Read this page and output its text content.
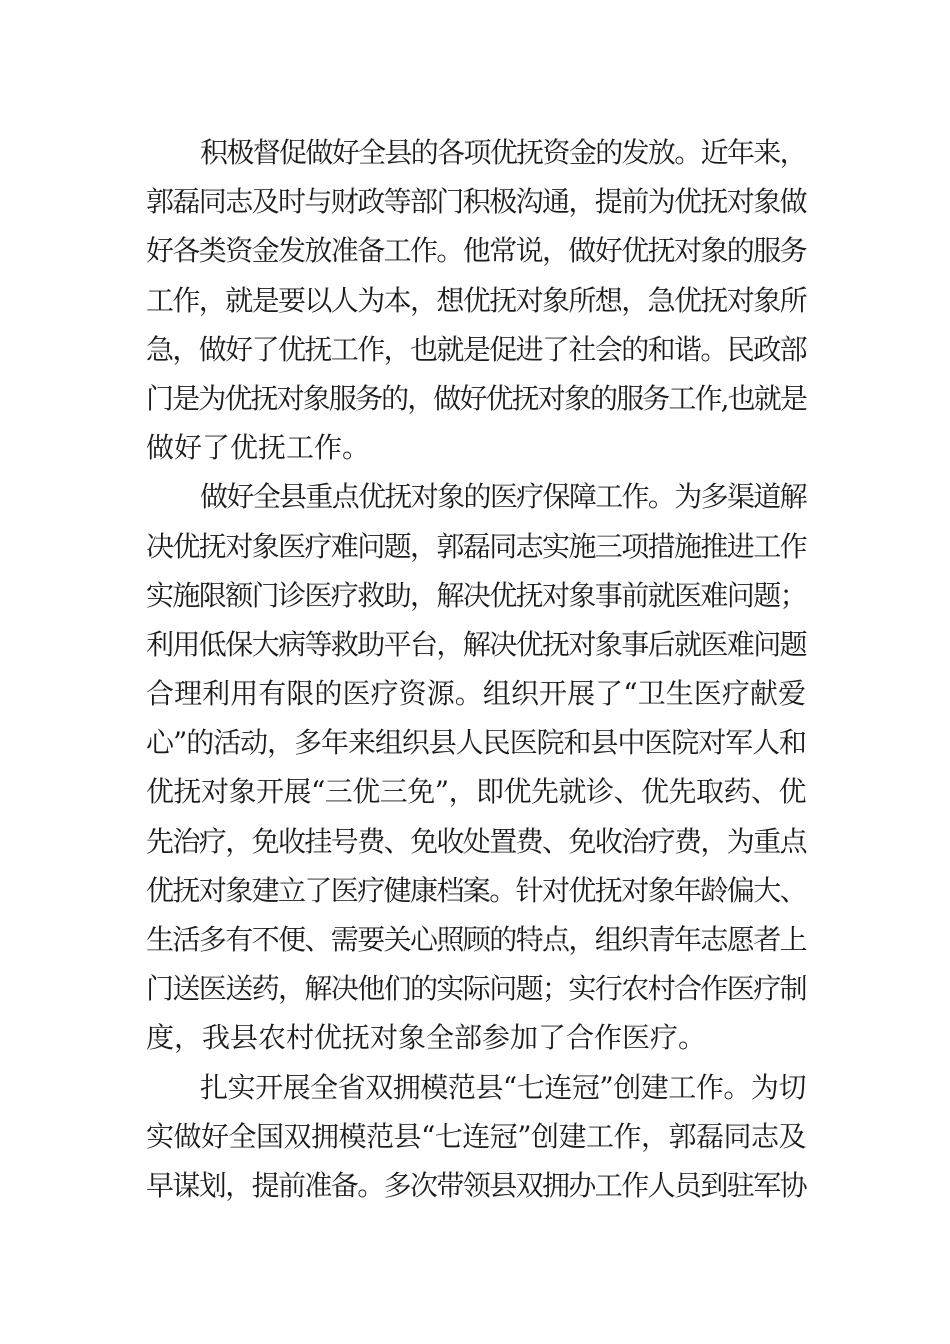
积极督促做好全县的各项优抚资金的发放。近年来，
郭磊同志及时与财政等部门积极沟通，提前为优抚对象做
好各类资金发放准备工作。他常说，做好优抚对象的服务
工作，就是要以人为本，想优抚对象所想，急优抚对象所
急，做好了优抚工作，也就是促进了社会的和谐。民政部
门是为优抚对象服务的，做好优抚对象的服务工作,也就是
做好了优抚工作。
做好全县重点优抚对象的医疗保障工作。为多渠道解
决优抚对象医疗难问题，郭磊同志实施三项措施推进工作
实施限额门诊医疗救助，解决优抚对象事前就医难问题；
利用低保大病等救助平台，解决优抚对象事后就医难问题
合理利用有限的医疗资源。组织开展了“卫生医疗献爱
心”的活动，多年来组织县人民医院和县中医院对军人和
优抚对象开展“三优三免”，即优先就诊、优先取药、优
先治疗，免收挂号费、免收处置费、免收治疗费，为重点
优抚对象建立了医疗健康档案。针对优抚对象年龄偏大、
生活多有不便、需要关心照顾的特点，组织青年志愿者上
门送医送药，解决他们的实际问题；实行农村合作医疗制
度，我县农村优抚对象全部参加了合作医疗。
扎实开展全省双拥模范县“七连冠”创建工作。为切
实做好全国双拥模范县“七连冠”创建工作，郭磊同志及
早谋划，提前准备。多次带领县双拥办工作人员到驻军协
